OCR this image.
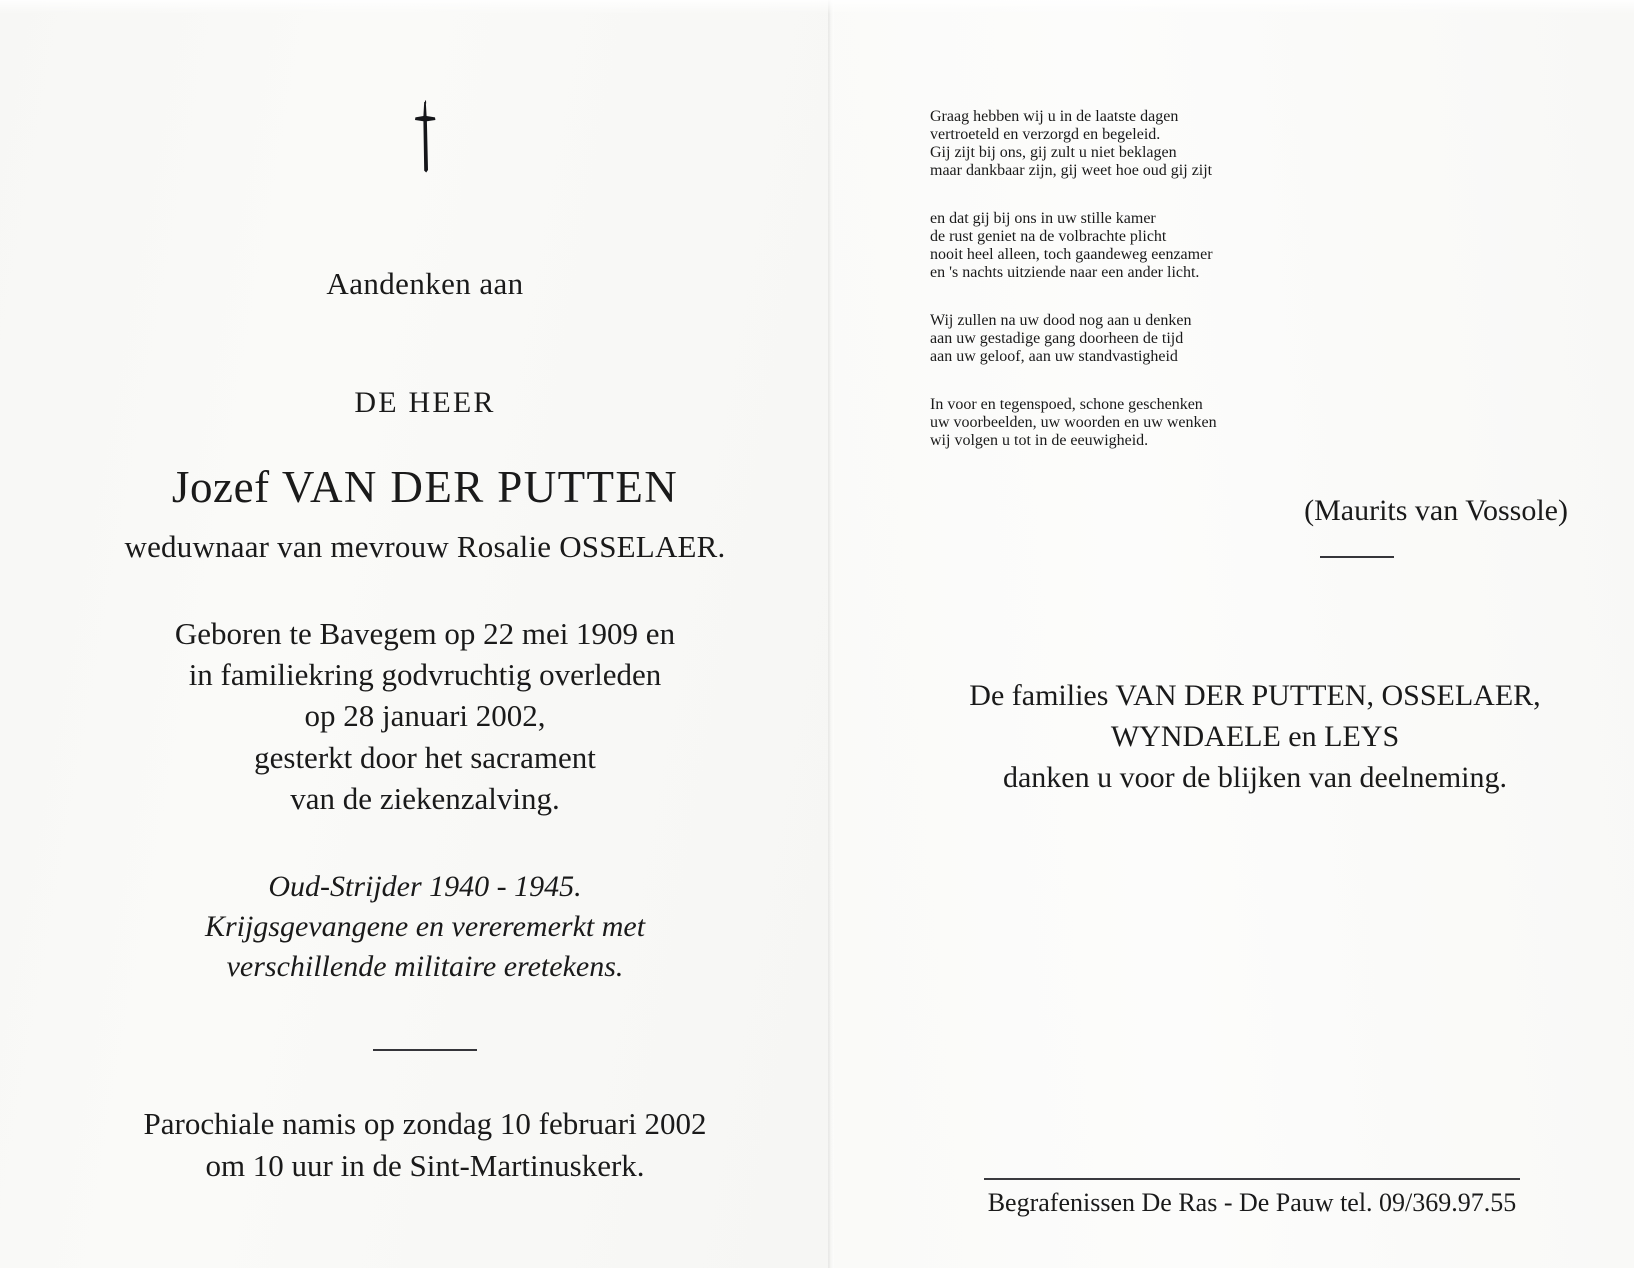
Aandenken aan
DE HEER
Jozef VAN DER PUTTEN
weduwnaar van mevrouw Rosalie OSSELAER.
Geboren te Bavegem op 22 mei 1909 en
in familiekring godvruchtig overleden
op 28 januari 2002,
gesterkt door het sacrament
van de ziekenzalving.
Oud-Strijder 1940 - 1945.
Krijgsgevangene en vereremerkt met
verschillende militaire eretekens.
Parochiale namis op zondag 10 februari 2002
om 10 uur in de Sint-Martinuskerk.

Graag hebben wij u in de laatste dagen
vertroeteld en verzorgd en begeleid.
Gij zijt bij ons, gij zult u niet beklagen
maar dankbaar zijn, gij weet hoe oud gij zijt

en dat gij bij ons in uw stille kamer
de rust geniet na de volbrachte plicht
nooit heel alleen, toch gaandeweg eenzamer
en 's nachts uitziende naar een ander licht.

Wij zullen na uw dood nog aan u denken
aan uw gestadige gang doorheen de tijd
aan uw geloof, aan uw standvastigheid

In voor en tegenspoed, schone geschenken
uw voorbeelden, uw woorden en uw wenken
wij volgen u tot in de eeuwigheid.

(Maurits van Vossole)
De families VAN DER PUTTEN, OSSELAER,
WYNDAELE en LEYS
danken u voor de blijken van deelneming.
Begrafenissen De Ras - De Pauw tel. 09/369.97.55
